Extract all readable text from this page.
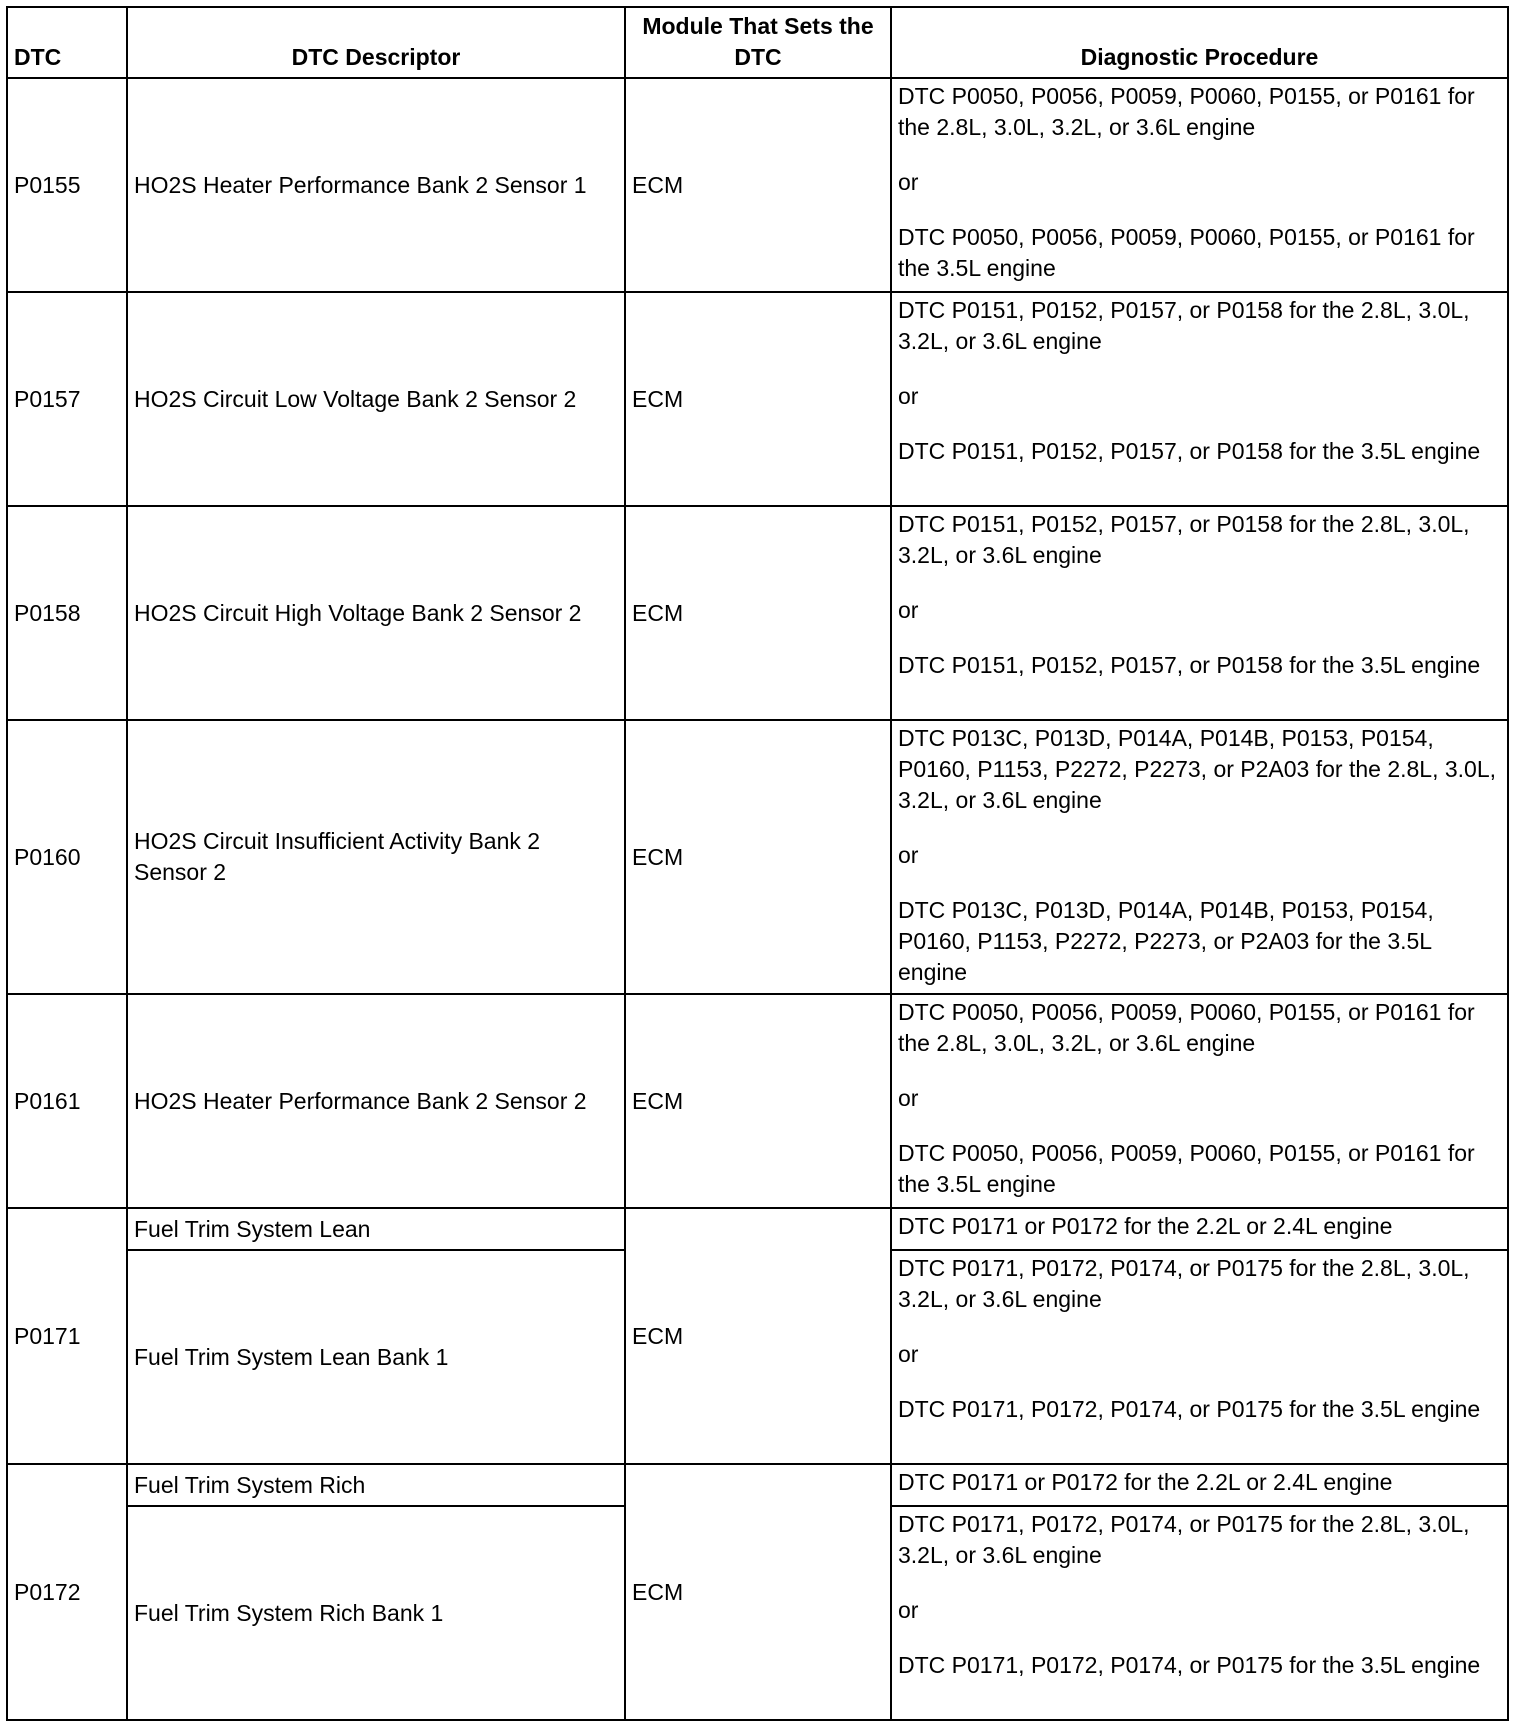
DTC	DTC Descriptor	Module That Sets the DTC	Diagnostic Procedure
P0155	HO2S Heater Performance Bank 2 Sensor 1	ECM	DTC P0050, P0056, P0059, P0060, P0155, or P0161 for the 2.8L, 3.0L, 3.2L, or 3.6L engine
or
DTC P0050, P0056, P0059, P0060, P0155, or P0161 for the 3.5L engine

P0157	HO2S Circuit Low Voltage Bank 2 Sensor 2	ECM	DTC P0151, P0152, P0157, or P0158 for the 2.8L, 3.0L, 3.2L, or 3.6L engine
or
DTC P0151, P0152, P0157, or P0158 for the 3.5L engine

P0158	HO2S Circuit High Voltage Bank 2 Sensor 2	ECM	DTC P0151, P0152, P0157, or P0158 for the 2.8L, 3.0L, 3.2L, or 3.6L engine
or
DTC P0151, P0152, P0157, or P0158 for the 3.5L engine

P0160	HO2S Circuit Insufficient Activity Bank 2 Sensor 2	ECM	DTC P013C, P013D, P014A, P014B, P0153, P0154, P0160, P1153, P2272, P2273, or P2A03 for the 2.8L, 3.0L, 3.2L, or 3.6L engine
or
DTC P013C, P013D, P014A, P014B, P0153, P0154, P0160, P1153, P2272, P2273, or P2A03 for the 3.5L engine

P0161	HO2S Heater Performance Bank 2 Sensor 2	ECM	DTC P0050, P0056, P0059, P0060, P0155, or P0161 for the 2.8L, 3.0L, 3.2L, or 3.6L engine
or
DTC P0050, P0056, P0059, P0060, P0155, or P0161 for the 3.5L engine

P0171	Fuel Trim System Lean	ECM	DTC P0171 or P0172 for the 2.2L or 2.4L engine

	Fuel Trim System Lean Bank 1		DTC P0171, P0172, P0174, or P0175 for the 2.8L, 3.0L, 3.2L, or 3.6L engine
or
DTC P0171, P0172, P0174, or P0175 for the 3.5L engine

P0172	Fuel Trim System Rich	ECM	DTC P0171 or P0172 for the 2.2L or 2.4L engine

	Fuel Trim System Rich Bank 1		DTC P0171, P0172, P0174, or P0175 for the 2.8L, 3.0L, 3.2L, or 3.6L engine
or
DTC P0171, P0172, P0174, or P0175 for the 3.5L engine
